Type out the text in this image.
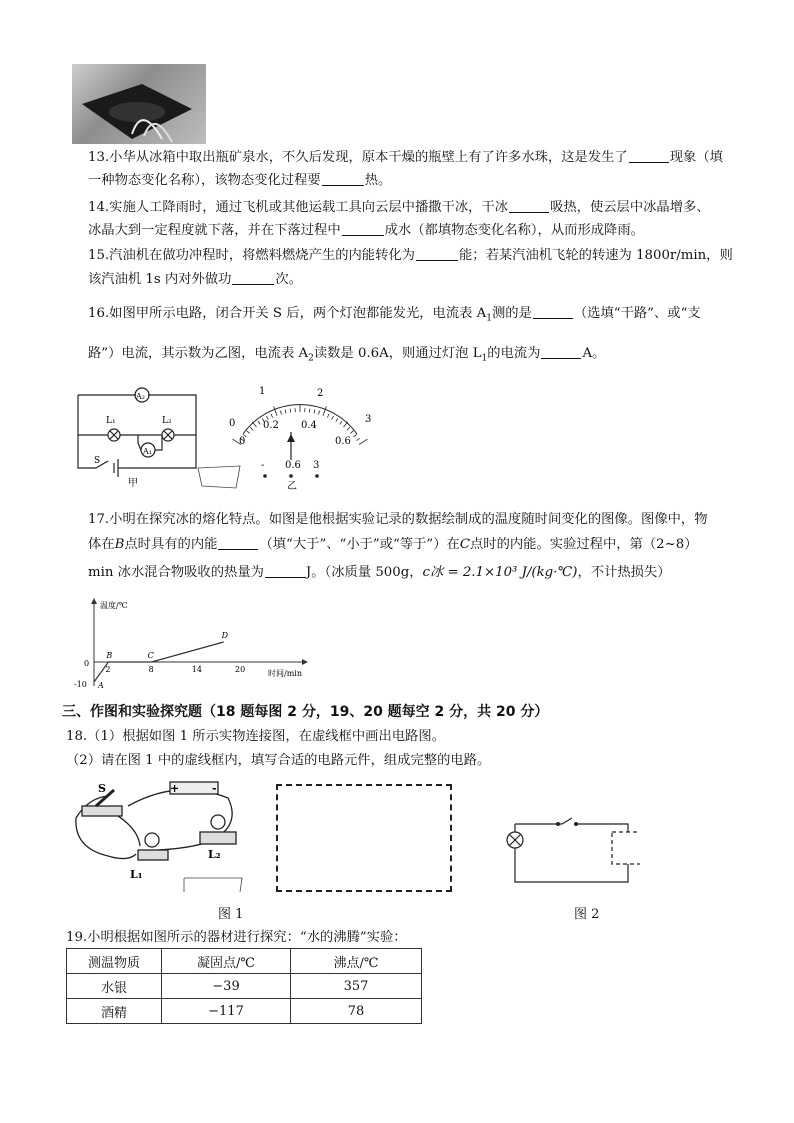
13.小华从冰箱中取出瓶矿泉水，不久后发现，原本干燥的瓶壁上有了许多水珠，这是发生了	现象（填
一种物态变化名称），该物态变化过程要	热。
14.实施人工降雨时，通过飞机或其他运载工具向云层中播撒干冰，干冰	吸热，使云层中冰晶增多、
冰晶大到一定程度就下落，并在下落过程中	成水（都填物态变化名称），从而形成降雨。
15.汽油机在做功冲程时，将燃料燃烧产生的内能转化为	能；若某汽油机飞轮的转速为 1800r/min，则
该汽油机 1s 内对外做功	次。
16.如图甲所示电路，闭合开关 S 后，两个灯泡都能发光，电流表 $A_1$测的是	（选填“干路”、或“支
路”）电流，其示数为乙图，电流表 $A_2$读数是 0.6A，则通过灯泡 $L_1$的电流为	A。
A₂
L₁	L₂
A₁
S
甲
1	2
3
0
0
0.2 0.4
0.6
- 0.6 3
乙
17.小明在探究冰的熔化特点。如图是他根据实验记录的数据绘制成的温度随时间变化的图像。图像中，物
体在B点时具有的内能	（填“大于”、“小于”或“等于”）在C点时的内能。实验过程中，第（2~8）
min 冰水混合物吸收的热量为	J。（冰质量 500g，c冰 = 2.1×10³ J/(kg·℃)，不计热损失）
温度/℃
时间/min
0
-10 A
B	C
D
2	8	14	20
三、作图和实验探究题（18 题每图 2 分，19、20 题每空 2 分，共 20 分）
18.（1）根据如图 1 所示实物连接图，在虚线框中画出电路图。
（2）请在图 1 中的虚线框内，填写合适的电路元件，组成完整的电路。
S	+	-
L₂
L₁
图 1	图 2
19.小明根据如图所示的器材进行探究：“水的沸腾”实验：
测温物质	凝固点/℃	沸点/℃
水银	−39	357
酒精	−117	78
